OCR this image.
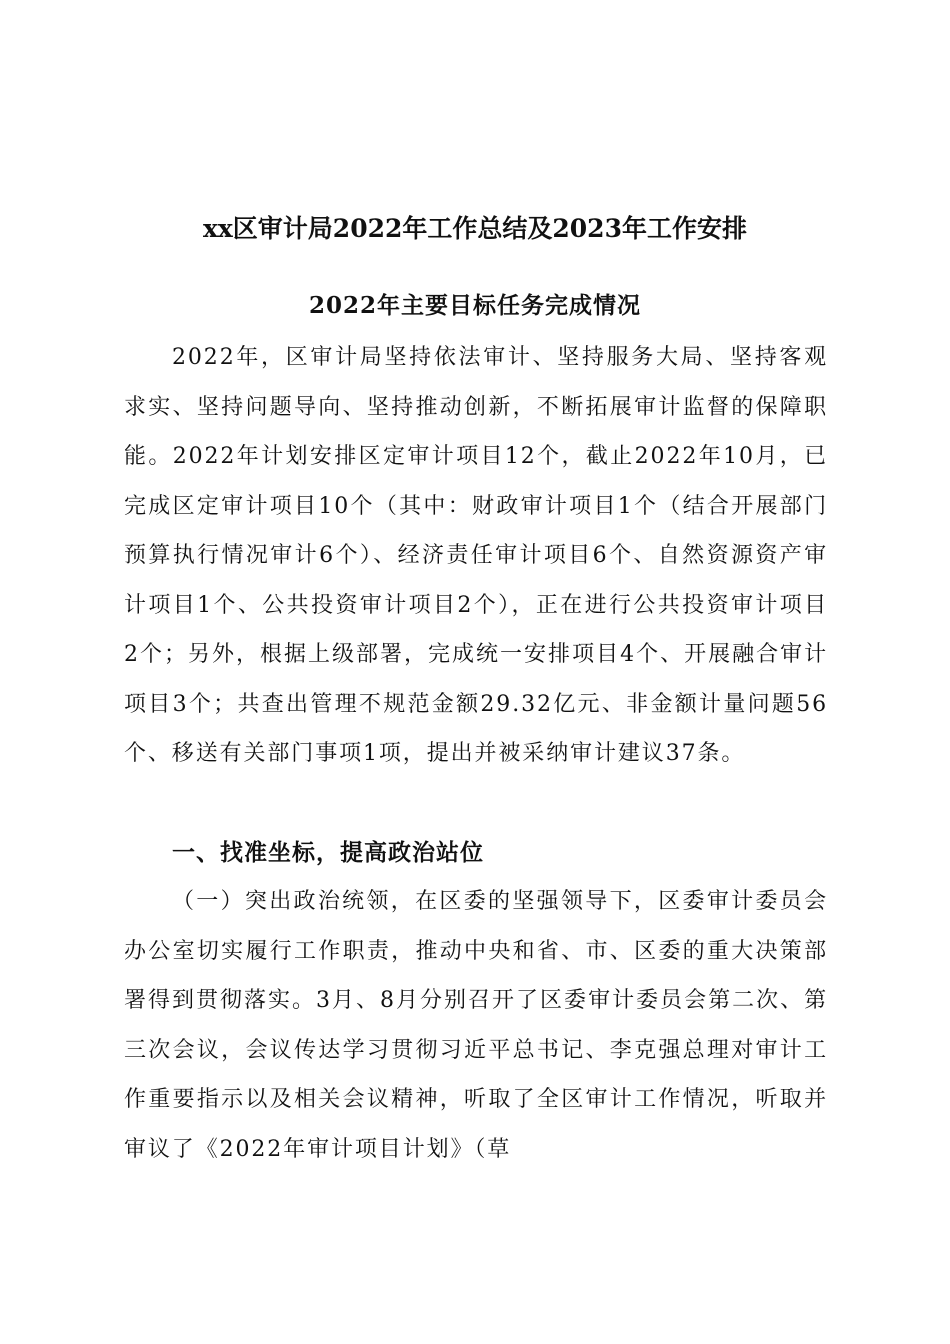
xx区审计局2022年工作总结及2023年工作安排
2022年主要目标任务完成情况
2022年，区审计局坚持依法审计、坚持服务大局、坚持客观求实、坚持问题导向、坚持推动创新，不断拓展审计监督的保障职能。2022年计划安排区定审计项目12个，截止2022年10月，已完成区定审计项目10个（其中：财政审计项目1个（结合开展部门预算执行情况审计6个）、经济责任审计项目6个、自然资源资产审计项目1个、公共投资审计项目2个），正在进行公共投资审计项目2个；另外，根据上级部署，完成统一安排项目4个、开展融合审计项目3个；共查出管理不规范金额29.32亿元、非金额计量问题56个、移送有关部门事项1项，提出并被采纳审计建议37条。
一、找准坐标，提高政治站位
（一）突出政治统领，在区委的坚强领导下，区委审计委员会办公室切实履行工作职责，推动中央和省、市、区委的重大决策部署得到贯彻落实。3月、8月分别召开了区委审计委员会第二次、第三次会议，会议传达学习贯彻习近平总书记、李克强总理对审计工作重要指示以及相关会议精神，听取了全区审计工作情况，听取并审议了《2022年审计项目计划》（草
